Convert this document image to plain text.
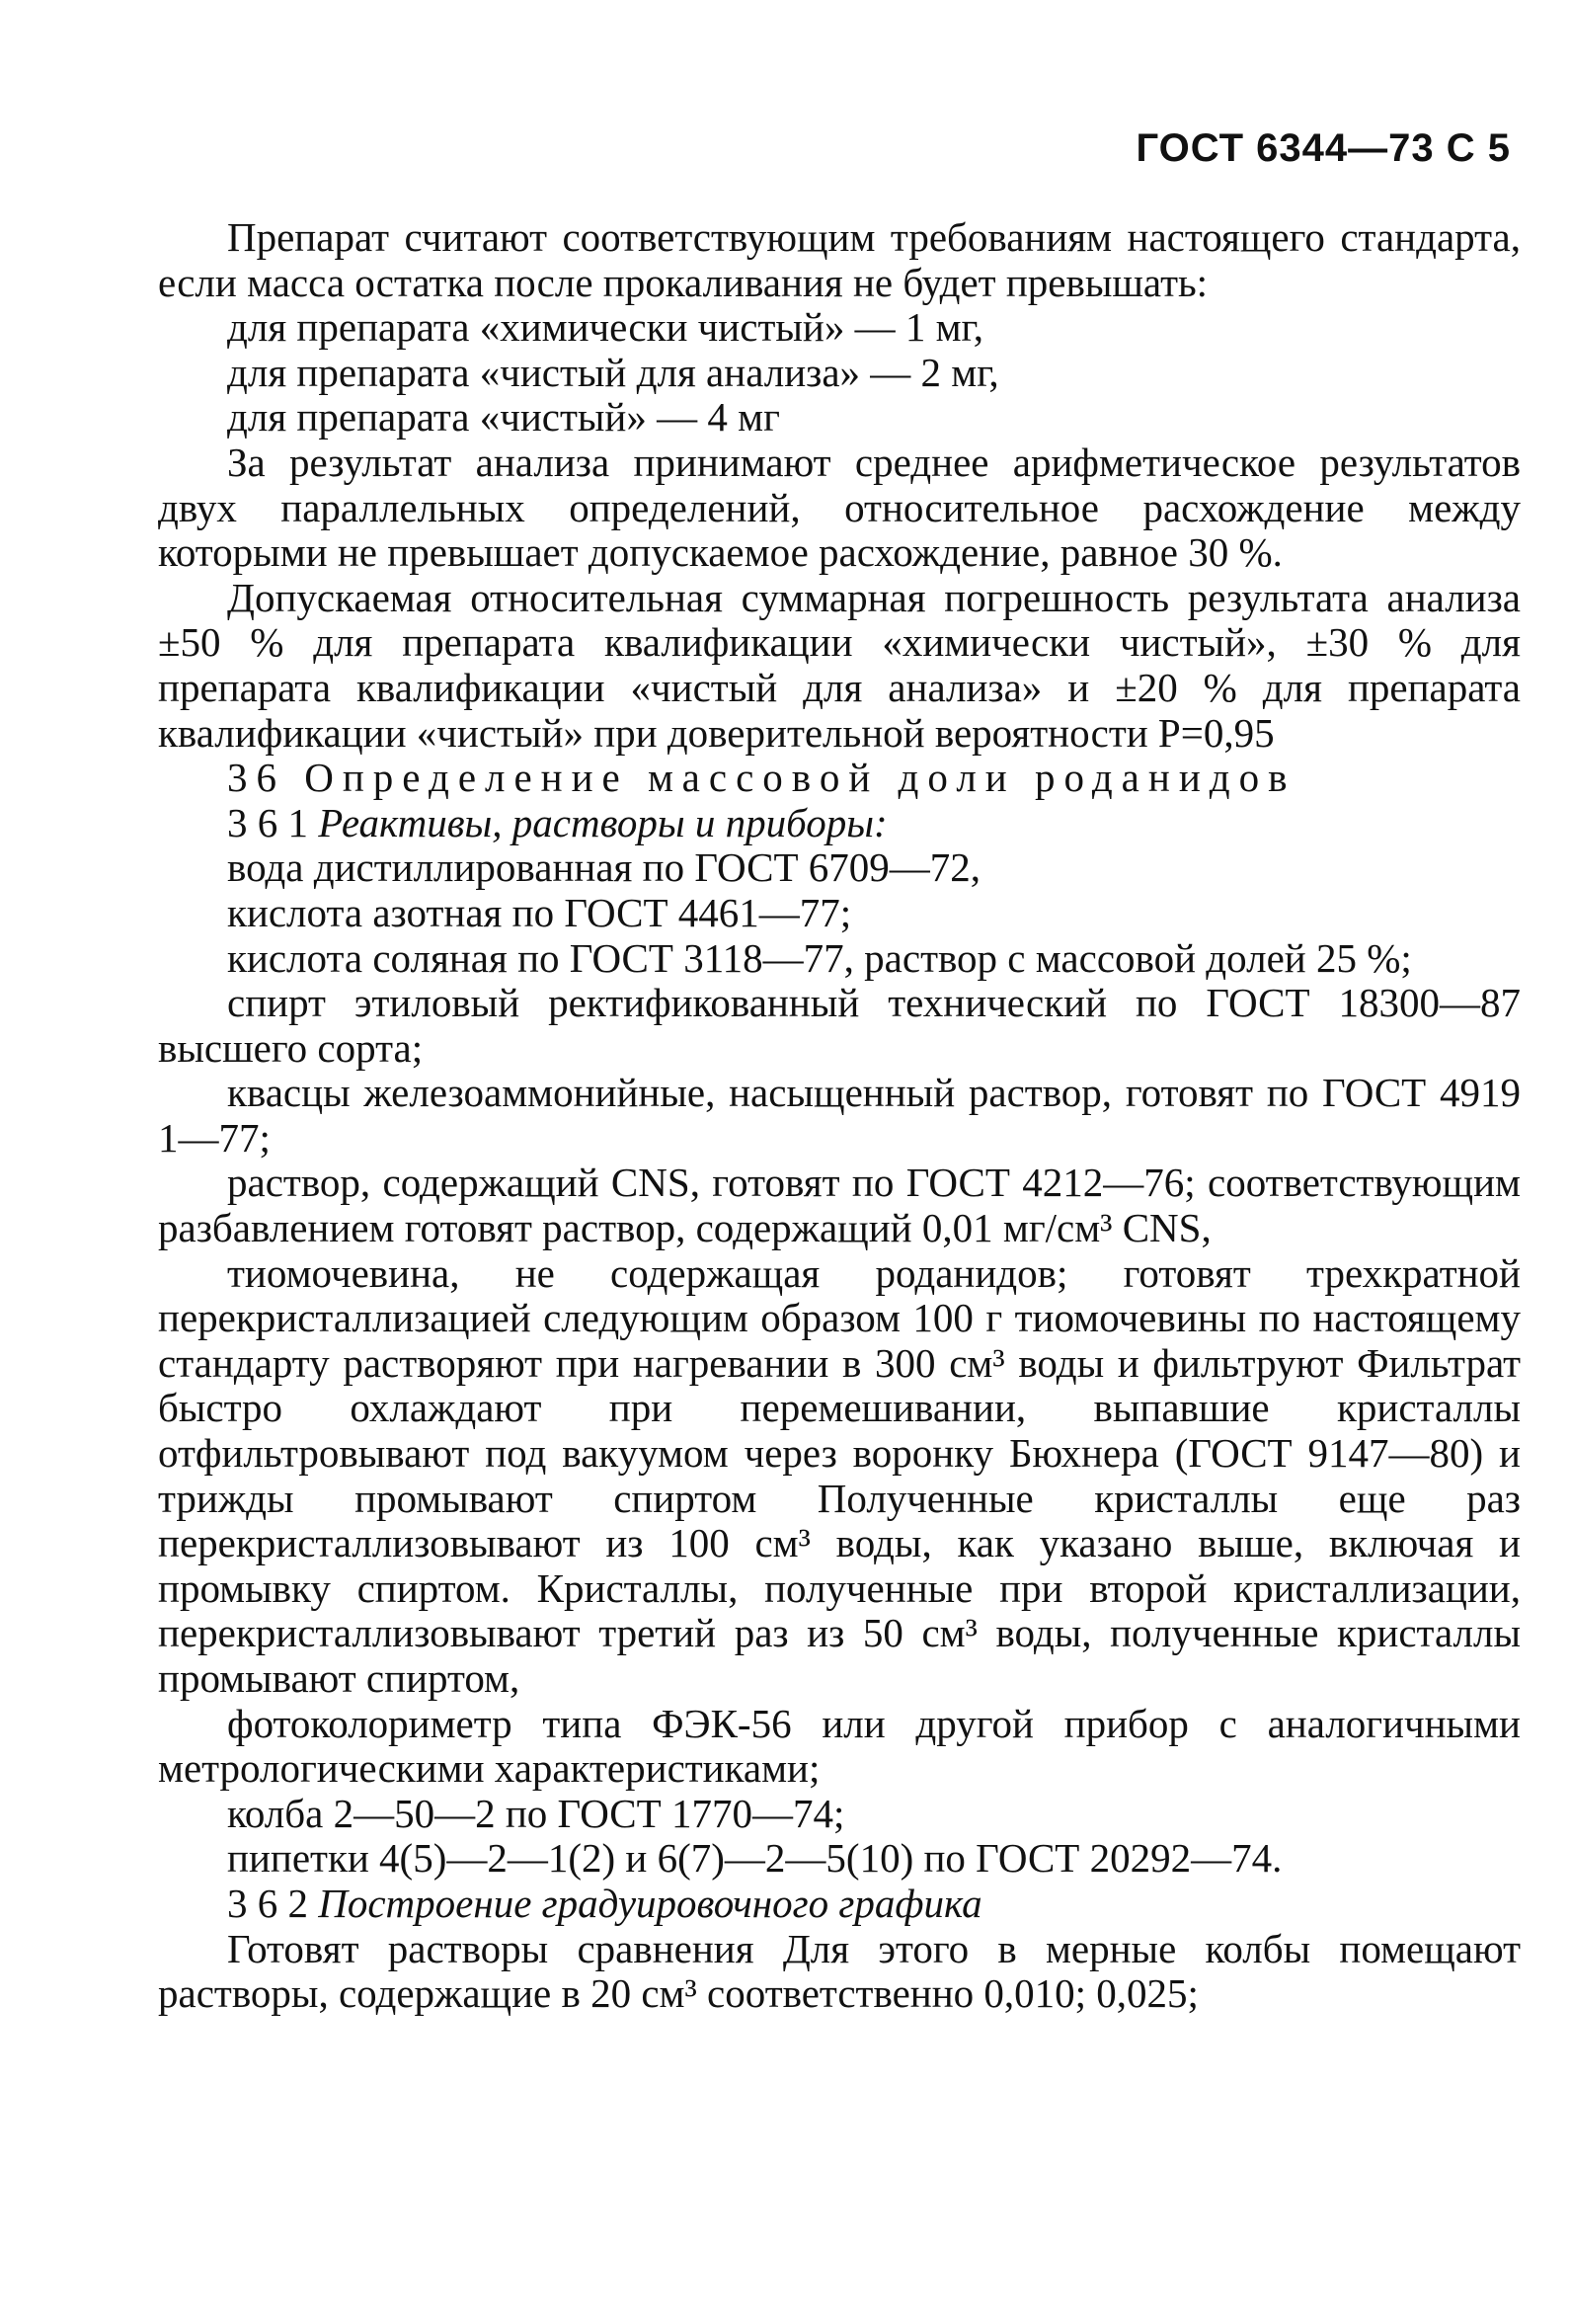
ГОСТ 6344—73 С 5

Препарат считают соответствующим требованиям настоящего стандарта, если масса остатка после прокаливания не будет превышать:

для препарата «химически чистый» — 1 мг,

для препарата «чистый для анализа» — 2 мг,

для препарата «чистый» — 4 мг

За результат анализа принимают среднее арифметическое результатов двух параллельных определений, относительное расхождение между которыми не превышает допускаемое расхождение, равное 30 %.

Допускаемая относительная суммарная погрешность результата анализа ±50 % для препарата квалификации «химически чистый», ±30 % для препарата квалификации «чистый для анализа» и ±20 % для препарата квалификации «чистый» при доверительной вероятности P=0,95

36 Определение массовой доли роданидов

3 6 1 Реактивы, растворы и приборы:

вода дистиллированная по ГОСТ 6709—72,

кислота азотная по ГОСТ 4461—77;

кислота соляная по ГОСТ 3118—77, раствор с массовой долей 25 %;

спирт этиловый ректификованный технический по ГОСТ 18300—87 высшего сорта;

квасцы железоаммонийные, насыщенный раствор, готовят по ГОСТ 4919 1—77;

раствор, содержащий CNS, готовят по ГОСТ 4212—76; соответствующим разбавлением готовят раствор, содержащий 0,01 мг/см³ CNS,

тиомочевина, не содержащая роданидов; готовят трехкратной перекристаллизацией следующим образом 100 г тиомочевины по настоящему стандарту растворяют при нагревании в 300 см³ воды и фильтруют Фильтрат быстро охлаждают при перемешивании, выпавшие кристаллы отфильтровывают под вакуумом через воронку Бюхнера (ГОСТ 9147—80) и трижды промывают спиртом Полученные кристаллы еще раз перекристаллизовывают из 100 см³ воды, как указано выше, включая и промывку спиртом. Кристаллы, полученные при второй кристаллизации, перекристаллизовывают третий раз из 50 см³ воды, полученные кристаллы промывают спиртом,

фотоколориметр типа ФЭК-56 или другой прибор с аналогичными метрологическими характеристиками;

колба 2—50—2 по ГОСТ 1770—74;

пипетки 4(5)—2—1(2) и 6(7)—2—5(10) по ГОСТ 20292—74.

3 6 2 Построение градуировочного графика

Готовят растворы сравнения Для этого в мерные колбы помещают растворы, содержащие в 20 см³ соответственно 0,010; 0,025;
